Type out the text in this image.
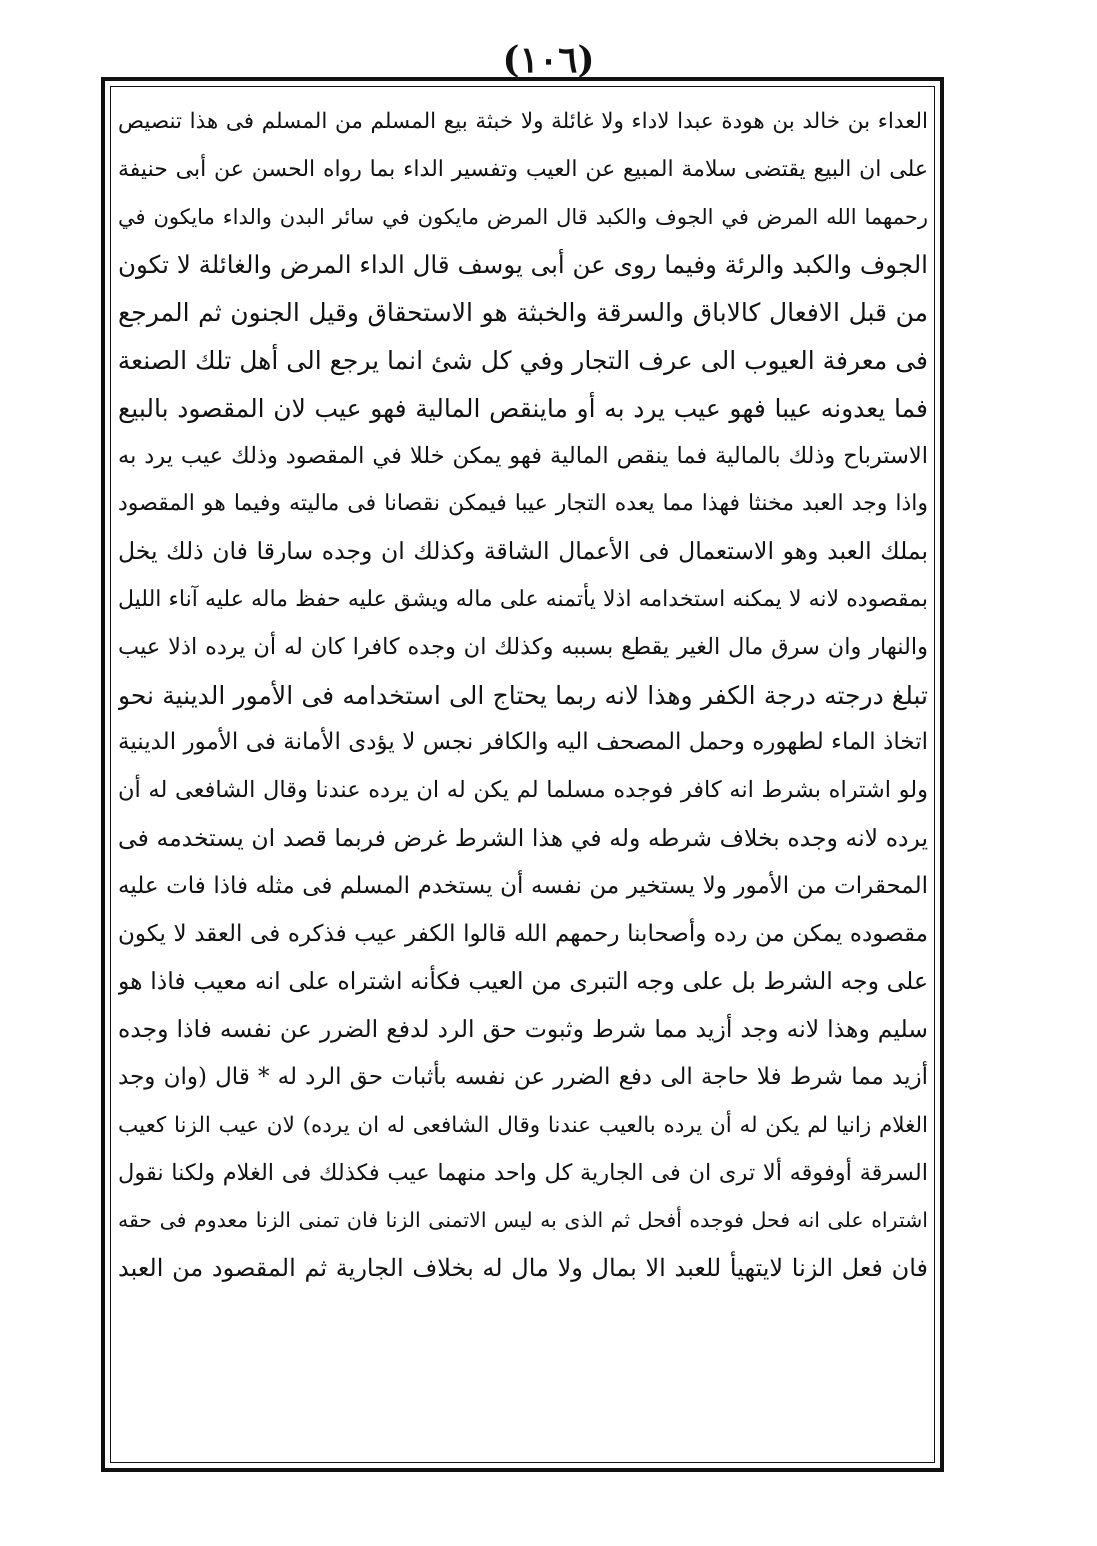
(١٠٦)
العداء بن خالد بن هودة عبدا لاداء ولا غائلة ولا خبثة بيع المسلم من المسلم فى هذا تنصيص
على ان البيع يقتضى سلامة المبيع عن العيب وتفسير الداء بما رواه الحسن عن أبى حنيفة
رحمهما الله المرض في الجوف والكبد قال المرض مايكون في سائر البدن والداء مايكون في
الجوف والكبد والرئة وفيما روى عن أبى يوسف قال الداء المرض والغائلة لا تكون
من قبل الافعال كالاباق والسرقة والخبثة هو الاستحقاق وقيل الجنون ثم المرجع
فى معرفة العيوب الى عرف التجار وفي كل شئ انما يرجع الى أهل تلك الصنعة
فما يعدونه عيبا فهو عيب يرد به أو ماينقص المالية فهو عيب لان المقصود بالبيع
الاسترباح وذلك بالمالية فما ينقص المالية فهو يمكن خللا في المقصود وذلك عيب يرد به
واذا وجد العبد مخنثا فهذا مما يعده التجار عيبا فيمكن نقصانا فى ماليته وفيما هو المقصود
بملك العبد وهو الاستعمال فى الأعمال الشاقة وكذلك ان وجده سارقا فان ذلك يخل
بمقصوده لانه لا يمكنه استخدامه اذلا يأتمنه على ماله ويشق عليه حفظ ماله عليه آناء الليل
والنهار وان سرق مال الغير يقطع بسببه وكذلك ان وجده كافرا كان له أن يرده اذلا عيب
تبلغ درجته درجة الكفر وهذا لانه ربما يحتاج الى استخدامه فى الأمور الدينية نحو
اتخاذ الماء لطهوره وحمل المصحف اليه والكافر نجس لا يؤدى الأمانة فى الأمور الدينية
ولو اشتراه بشرط انه كافر فوجده مسلما لم يكن له ان يرده عندنا وقال الشافعى له أن
يرده لانه وجده بخلاف شرطه وله في هذا الشرط غرض فربما قصد ان يستخدمه فى
المحقرات من الأمور ولا يستخير من نفسه أن يستخدم المسلم فى مثله فاذا فات عليه
مقصوده يمكن من رده وأصحابنا رحمهم الله قالوا الكفر عيب فذكره فى العقد لا يكون
على وجه الشرط بل على وجه التبرى من العيب فكأنه اشتراه على انه معيب فاذا هو
سليم وهذا لانه وجد أزيد مما شرط وثبوت حق الرد لدفع الضرر عن نفسه فاذا وجده
أزيد مما شرط فلا حاجة الى دفع الضرر عن نفسه بأثبات حق الرد له * قال (وان وجد
الغلام زانيا لم يكن له أن يرده بالعيب عندنا وقال الشافعى له ان يرده) لان عيب الزنا كعيب
السرقة أوفوقه ألا ترى ان فى الجارية كل واحد منهما عيب فكذلك فى الغلام ولكنا نقول
اشتراه على انه فحل فوجده أفحل ثم الذى به ليس الاتمنى الزنا فان تمنى الزنا معدوم فى حقه
فان فعل الزنا لايتهيأ للعبد الا بمال ولا مال له بخلاف الجارية ثم المقصود من العبد
